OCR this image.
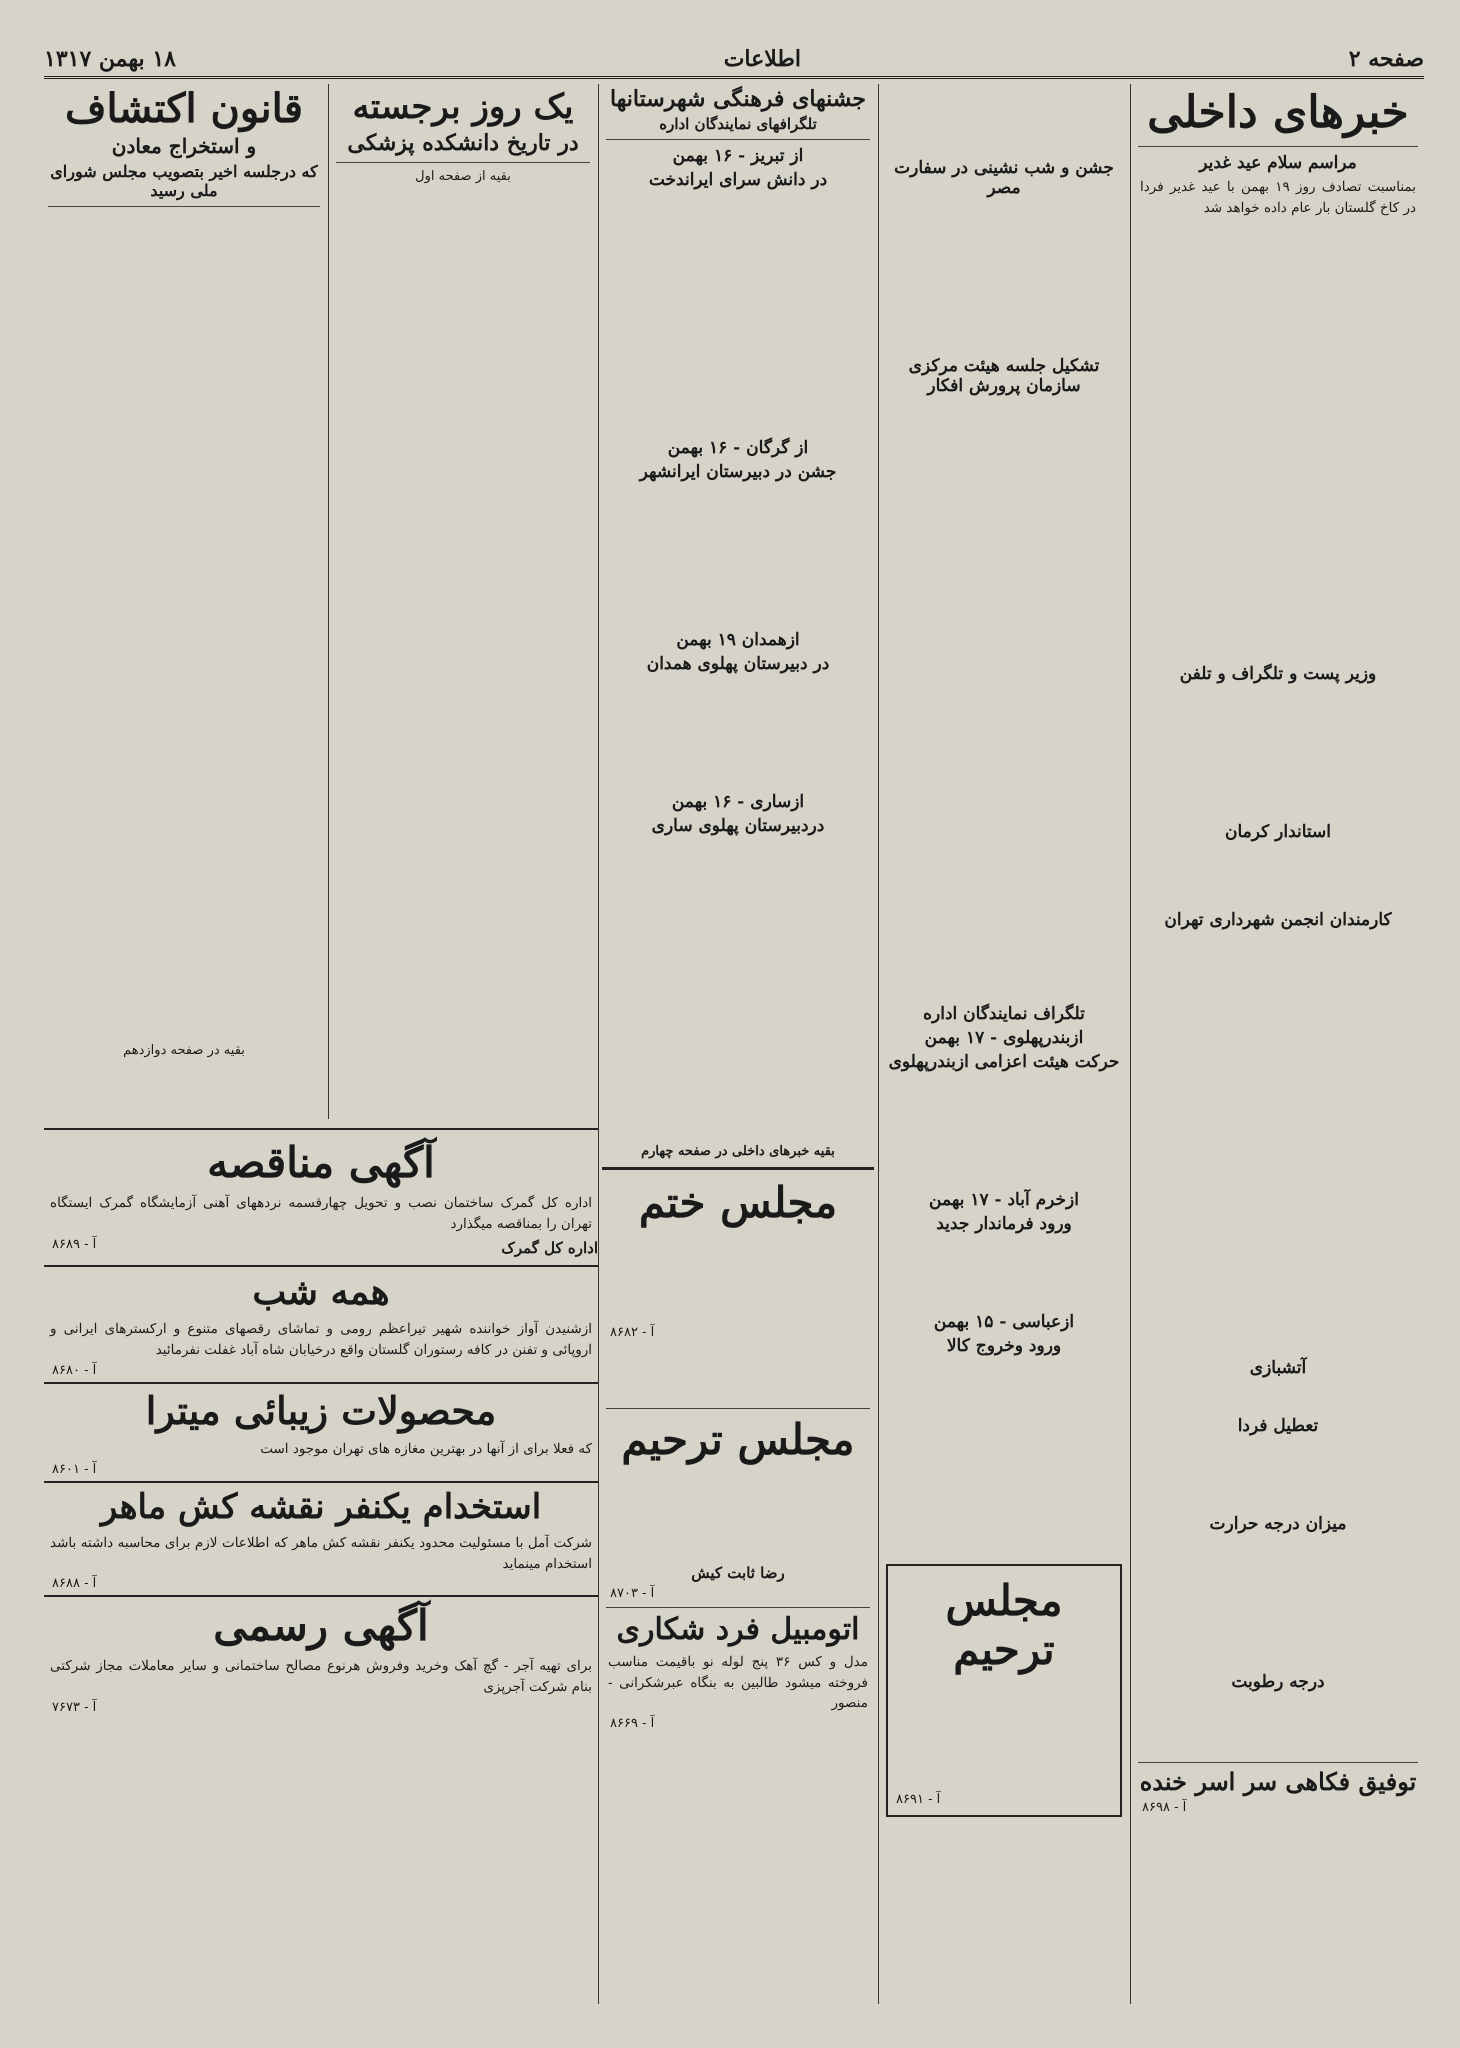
صفحه ۲
اطلاعات
۱۸ بهمن ۱۳۱۷
خبرهای داخلی
مراسم سلام عید غدیر

بمناسبت تصادف روز ۱۹ بهمن با عید غدیر فردا در کاخ گلستان بار عام داده خواهد شد

وزیر پست و تلگراف و تلفن
استاندار کرمان
کارمندان انجمن شهرداری تهران
آتشبازی
تعطیل فردا
میزان درجه حرارت
درجه رطوبت
توفیق فکاهی سر اسر خنده
آ - ۸۶۹۸
جشن و شب نشینی در سفارت مصر
تشکیل جلسه هیئت مرکزی سازمان پرورش افکار
تلگراف نمایندگان اداره
ازبندرپهلوی - ۱۷ بهمن
حرکت هیئت اعزامی ازبندرپهلوی
ازخرم آباد - ۱۷ بهمن
ورود فرماندار جدید
ازعباسی - ۱۵ بهمن
ورود وخروج کالا
مجلس ترحیم
آ - ۸۶۹۱
جشنهای فرهنگی شهرستانها
تلگرافهای نمایندگان اداره
از تبریز - ۱۶ بهمن
در دانش سرای ایراندخت
از گرگان - ۱۶ بهمن
جشن در دبیرستان ایرانشهر
ازهمدان ۱۹ بهمن
در دبیرستان پهلوی همدان
ازساری - ۱۶ بهمن
دردبیرستان پهلوی ساری
بقیه خبرهای داخلی در صفحه چهارم
مجلس ختم
آ - ۸۶۸۲
مجلس ترحیم
رضا ثابت کیش
آ - ۸۷۰۳
اتومبیل فرد شکاری

مدل و کس ۳۶ پنج لوله نو باقیمت مناسب فروخته میشود طالبین به بنگاه عبرشکرانی - منصور

آ - ۸۶۶۹
یک روز برجسته
در تاریخ دانشکده پزشکی
بقیه از صفحه اول
قانون اکتشاف
و استخراج معادن
که درجلسه اخیر بتصویب مجلس شورای ملی رسید
بقیه در صفحه دوازدهم
آگهی مناقصه

اداره کل گمرک ساختمان نصب و تحویل چهارقسمه نردههای آهنی آزمایشگاه گمرک ایستگاه تهران را بمناقصه میگذارد

اداره کل گمرک
آ - ۸۶۸۹
همه شب

ازشنیدن آواز خواننده شهیر تیراعظم رومی و تماشای رقصهای متنوع و ارکسترهای ایرانی و اروپائی و تفنن در کافه رستوران گلستان واقع درخیابان شاه آباد غفلت نفرمائید

آ - ۸۶۸۰
محصولات زیبائی میترا

که فعلا برای از آنها در بهترین مغازه های تهران موجود است

آ - ۸۶۰۱
استخدام یکنفر نقشه کش ماهر

شرکت آمل با مسئولیت محدود یکنفر نقشه کش ماهر که اطلاعات لازم برای محاسبه داشته باشد استخدام مینماید

آ - ۸۶۸۸
آگهی رسمی

برای تهیه آجر - گچ آهک وخرید وفروش هرنوع مصالح ساختمانی و سایر معاملات مجاز شرکتی بنام شرکت آجرپزی

آ - ۷۶۷۳
